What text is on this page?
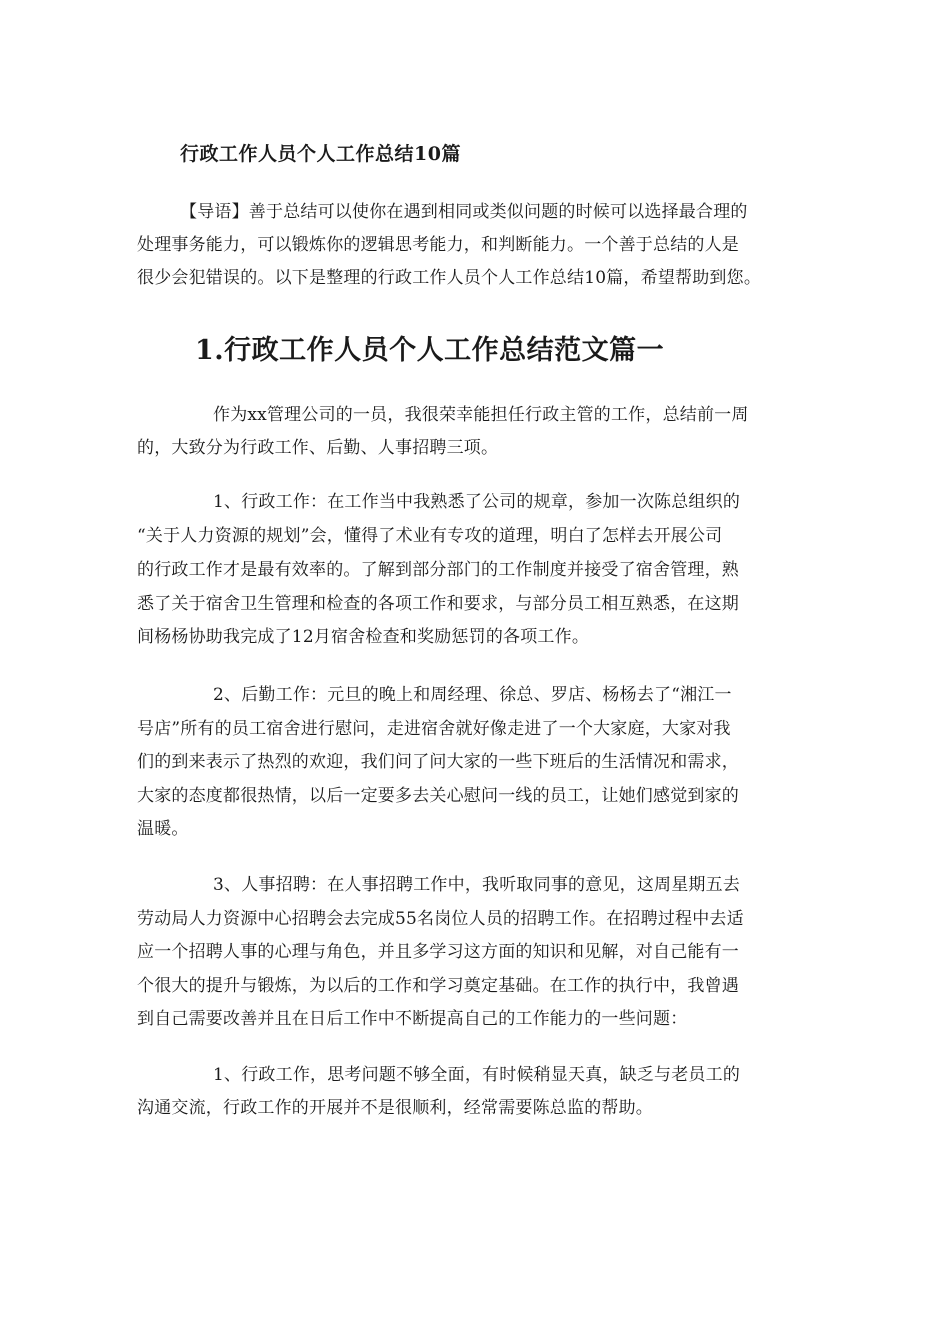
行政工作人员个人工作总结10篇
【导语】善于总结可以使你在遇到相同或类似问题的时候可以选择最合理的
处理事务能力，可以锻炼你的逻辑思考能力，和判断能力。一个善于总结的人是
很少会犯错误的。以下是整理的行政工作人员个人工作总结10篇，希望帮助到您。
1.行政工作人员个人工作总结范文篇一
作为xx管理公司的一员，我很荣幸能担任行政主管的工作，总结前一周
的，大致分为行政工作、后勤、人事招聘三项。
1、行政工作：在工作当中我熟悉了公司的规章，参加一次陈总组织的
“关于人力资源的规划”会，懂得了术业有专攻的道理，明白了怎样去开展公司
的行政工作才是最有效率的。了解到部分部门的工作制度并接受了宿舍管理，熟
悉了关于宿舍卫生管理和检查的各项工作和要求，与部分员工相互熟悉，在这期
间杨杨协助我完成了12月宿舍检查和奖励惩罚的各项工作。
2、后勤工作：元旦的晚上和周经理、徐总、罗店、杨杨去了“湘江一
号店”所有的员工宿舍进行慰问，走进宿舍就好像走进了一个大家庭，大家对我
们的到来表示了热烈的欢迎，我们问了问大家的一些下班后的生活情况和需求，
大家的态度都很热情，以后一定要多去关心慰问一线的员工，让她们感觉到家的
温暖。
3、人事招聘：在人事招聘工作中，我听取同事的意见，这周星期五去
劳动局人力资源中心招聘会去完成55名岗位人员的招聘工作。在招聘过程中去适
应一个招聘人事的心理与角色，并且多学习这方面的知识和见解，对自己能有一
个很大的提升与锻炼，为以后的工作和学习奠定基础。在工作的执行中，我曾遇
到自己需要改善并且在日后工作中不断提高自己的工作能力的一些问题：
1、行政工作，思考问题不够全面，有时候稍显天真，缺乏与老员工的
沟通交流，行政工作的开展并不是很顺利，经常需要陈总监的帮助。
